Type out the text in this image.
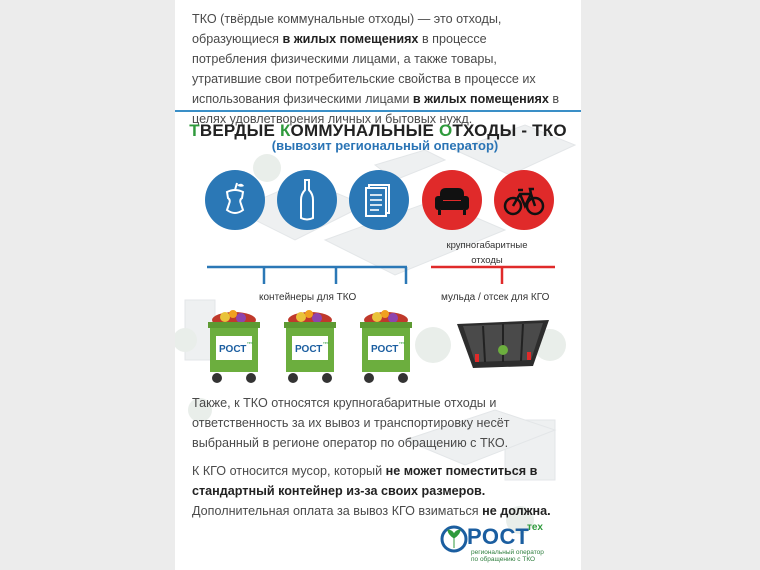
ТКО (твёрдые коммунальные отходы) — это отходы, образующиеся в жилых помещениях в процессе потребления физическими лицами, а также товары, утратившие свои потребительские свойства в процессе их использования физическими лицами в жилых помещениях в целях удовлетворения личных и бытовых нужд.

ТВЕРДЫЕ КОММУНАЛЬНЫЕ ОТХОДЫ - ТКО
(вывозит региональный оператор)
крупногабаритные
отходы
контейнеры для ТКО	мульда / отсек для КГО
РОСТ
тех
РОСТ
тех
РОСТ
тех

Также, к ТКО относятся крупногабаритные отходы и ответственность за их вывоз и транспортировку несёт выбранный в регионе оператор по обращению с ТКО.

К КГО относится мусор, который не может поместиться в стандартный контейнер из-за своих размеров. Дополнительная оплата за вывоз КГО взиматься не должна.

РОСТ
тех
региональный оператор
по обращению с ТКО
